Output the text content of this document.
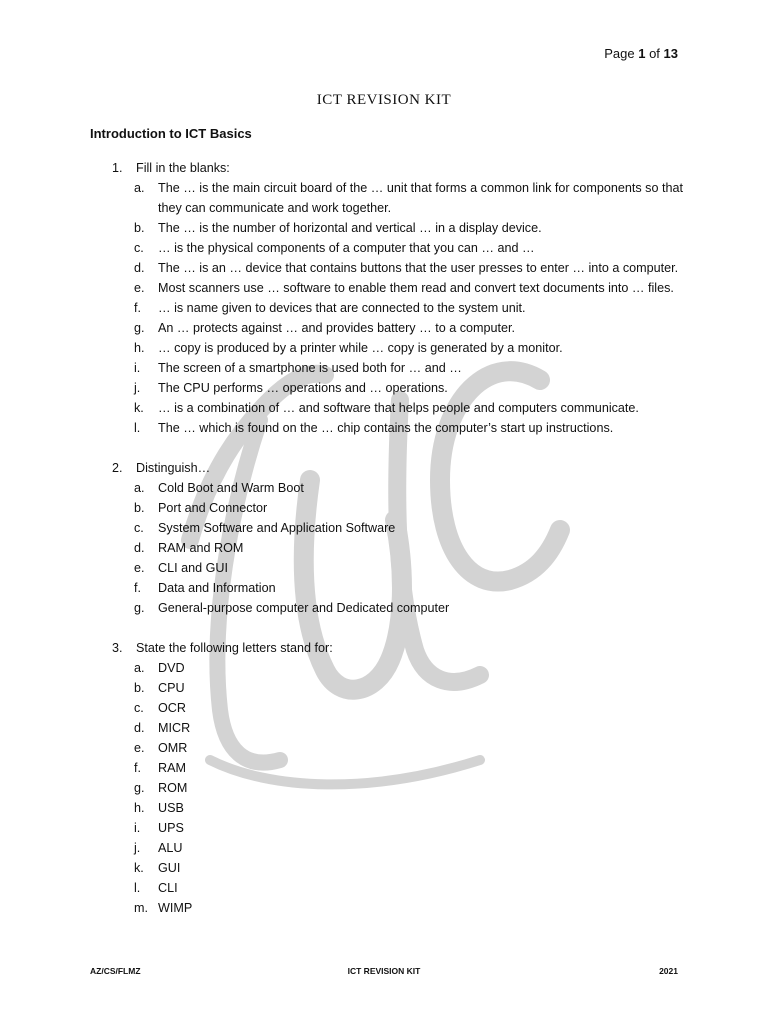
Page 1 of 13
ICT REVISION KIT
Introduction to ICT Basics
1. Fill in the blanks:
a. The … is the main circuit board of the … unit that forms a common link for components so that they can communicate and work together.
b. The … is the number of horizontal and vertical … in a display device.
c. … is the physical components of a computer that you can … and …
d. The … is an … device that contains buttons that the user presses to enter … into a computer.
e. Most scanners use … software to enable them read and convert text documents into … files.
f. … is name given to devices that are connected to the system unit.
g. An … protects against … and provides battery … to a computer.
h. … copy is produced by a printer while … copy is generated by a monitor.
i. The screen of a smartphone is used both for … and …
j. The CPU performs … operations and … operations.
k. … is a combination of … and software that helps people and computers communicate.
l. The … which is found on the … chip contains the computer’s start up instructions.
2. Distinguish…
a. Cold Boot and Warm Boot
b. Port and Connector
c. System Software and Application Software
d. RAM and ROM
e. CLI and GUI
f. Data and Information
g. General-purpose computer and Dedicated computer
3. State the following letters stand for:
a. DVD
b. CPU
c. OCR
d. MICR
e. OMR
f. RAM
g. ROM
h. USB
i. UPS
j. ALU
k. GUI
l. CLI
m. WIMP
AZ/CS/FLMZ	ICT REVISION KIT	2021
